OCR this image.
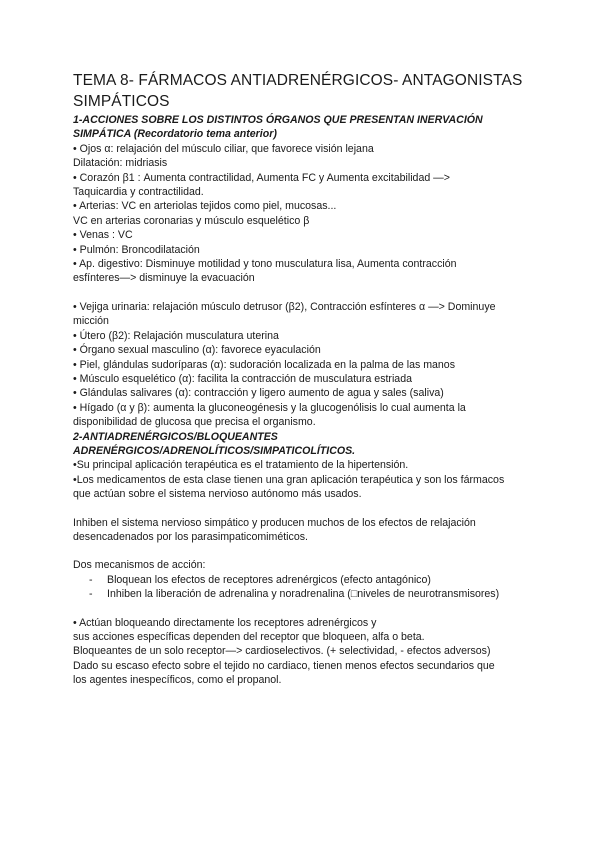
TEMA 8- FÁRMACOS ANTIADRENÉRGICOS- ANTAGONISTAS SIMPÁTICOS
1-ACCIONES SOBRE LOS DISTINTOS ÓRGANOS QUE PRESENTAN INERVACIÓN
SIMPÁTICA (Recordatorio tema anterior)
• Ojos α: relajación del músculo ciliar, que favorece visión lejana
Dilatación: midriasis
• Corazón β1 : Aumenta contractilidad, Aumenta FC y Aumenta excitabilidad —>
Taquicardia y contractilidad.
• Arterias: VC en arteriolas tejidos como piel, mucosas...
VC en arterias coronarias y músculo esquelético β
• Venas : VC
• Pulmón: Broncodilatación
• Ap. digestivo: Disminuye motilidad y tono musculatura lisa, Aumenta contracción
esfínteres—> disminuye la evacuación
• Vejiga urinaria: relajación músculo detrusor (β2), Contracción esfínteres α —> Dominuye
micción
• Útero (β2): Relajación musculatura uterina
• Órgano sexual masculino (α): favorece eyaculación
• Piel, glándulas sudoríparas (α): sudoración localizada en la palma de las manos
• Músculo esquelético (α): facilita la contracción de musculatura estriada
• Glándulas salivares (α): contracción y ligero aumento de agua y sales (saliva)
• Hígado (α y β): aumenta la gluconeogénesis y la glucogenólisis lo cual aumenta la
disponibilidad de glucosa que precisa el organismo.
2-ANTIADRENÉRGICOS/BLOQUEANTES
ADRENÉRGICOS/ADRENOLÍTICOS/SIMPATICOLÍTICOS.
•Su principal aplicación terapéutica es el tratamiento de la hipertensión.
•Los medicamentos de esta clase tienen una gran aplicación terapéutica y son los fármacos
que actúan sobre el sistema nervioso autónomo más usados.
Inhiben el sistema nervioso simpático y producen muchos de los efectos de relajación
desencadenados por los parasimpaticomiméticos.
Dos mecanismos de acción:
- Bloquean los efectos de receptores adrenérgicos (efecto antagónico)
- Inhiben la liberación de adrenalina y noradrenalina (□niveles de neurotransmisores)
• Actúan bloqueando directamente los receptores adrenérgicos y
sus acciones específicas dependen del receptor que bloqueen, alfa o beta.
Bloqueantes de un solo receptor—> cardioselectivos. (+ selectividad, - efectos adversos)
Dado su escaso efecto sobre el tejido no cardiaco, tienen menos efectos secundarios que
los agentes inespecíficos, como el propanol.
